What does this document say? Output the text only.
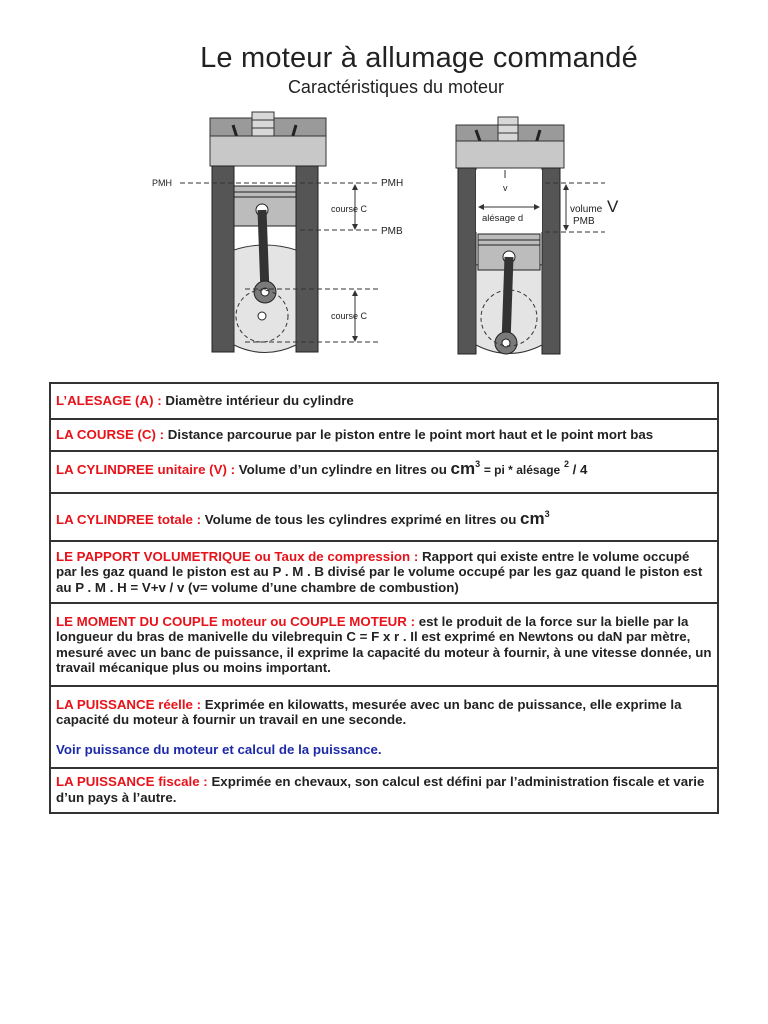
Le moteur à allumage commandé
Caractéristiques du moteur
PMH	PMH
course C
PMB
course C
v
volume V
alésage d	PMB
L’ALESAGE (A) : Diamètre intérieur du cylindre
LA COURSE (C) : Distance parcourue par le piston entre le point mort haut et le point mort bas
LA CYLINDREE unitaire (V) : Volume d’un cylindre en litres ou $cm^3$ = pi * alésage $^2$ / 4
LA CYLINDREE totale : Volume de tous les cylindres exprimé en litres ou $cm^3$
LE PAPPORT VOLUMETRIQUE ou Taux de compression : Rapport qui existe entre le volume occupé par les gaz quand le piston est au P . M . B divisé par le volume occupé par les gaz quand le piston est au P . M . H = V+v / v (v= volume d’une chambre de combustion)
LE MOMENT DU COUPLE moteur ou COUPLE MOTEUR : est le produit de la force sur la bielle par la longueur du bras de manivelle du vilebrequin C = F x r . Il est exprimé en Newtons ou daN par mètre, mesuré avec un banc de puissance, il exprime la capacité du moteur à fournir, à une vitesse donnée, un travail mécanique plus ou moins important.

LA PUISSANCE réelle : Exprimée en kilowatts, mesurée avec un banc de puissance, elle exprime la capacité du moteur à fournir un travail en une seconde.
Voir puissance du moteur et calcul de la puissance.

LA PUISSANCE fiscale : Exprimée en chevaux, son calcul est défini par l’administration fiscale et varie d’un pays à l’autre.
